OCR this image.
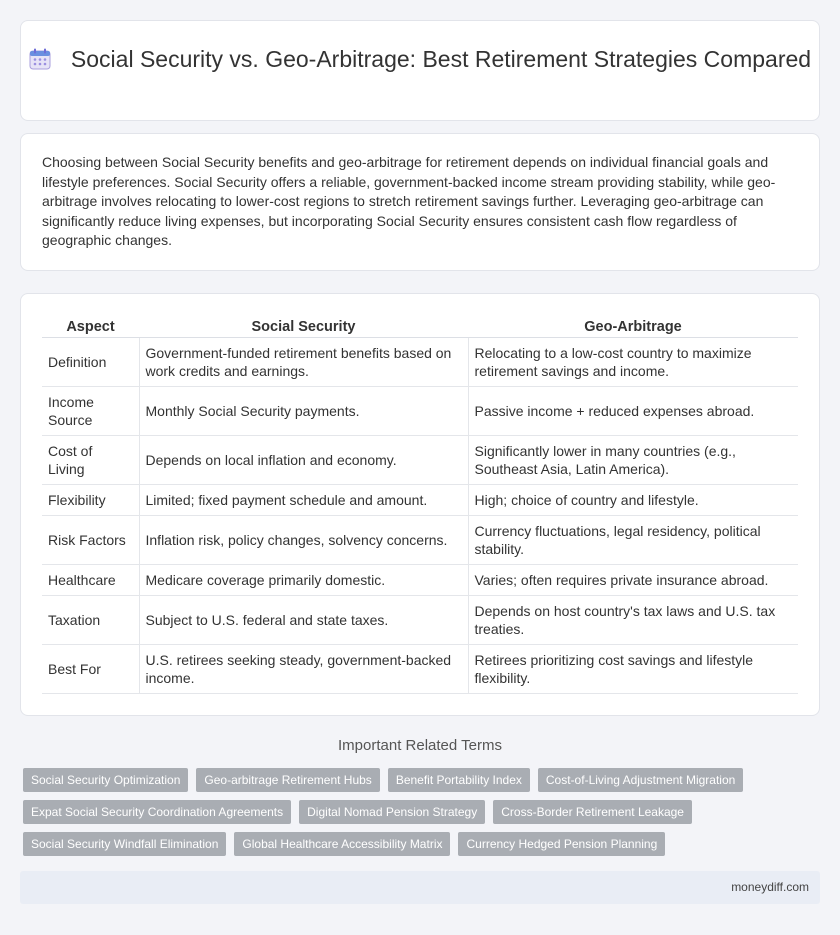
Social Security vs. Geo-Arbitrage: Best Retirement Strategies Compared

Choosing between Social Security benefits and geo-arbitrage for retirement depends on individual financial goals and lifestyle preferences. Social Security offers a reliable, government-backed income stream providing stability, while geo-arbitrage involves relocating to lower-cost regions to stretch retirement savings further. Leveraging geo-arbitrage can significantly reduce living expenses, but incorporating Social Security ensures consistent cash flow regardless of geographic changes.

Aspect	Social Security	Geo-Arbitrage
Definition	Government-funded retirement benefits based on work credits and earnings.	Relocating to a low-cost country to maximize retirement savings and income.
Income Source	Monthly Social Security payments.	Passive income + reduced expenses abroad.
Cost of Living	Depends on local inflation and economy.	Significantly lower in many countries (e.g., Southeast Asia, Latin America).
Flexibility	Limited; fixed payment schedule and amount.	High; choice of country and lifestyle.
Risk Factors	Inflation risk, policy changes, solvency concerns.	Currency fluctuations, legal residency, political stability.
Healthcare	Medicare coverage primarily domestic.	Varies; often requires private insurance abroad.
Taxation	Subject to U.S. federal and state taxes.	Depends on host country's tax laws and U.S. tax treaties.
Best For	U.S. retirees seeking steady, government-backed income.	Retirees prioritizing cost savings and lifestyle flexibility.
Important Related Terms
Social Security Optimization	Geo-arbitrage Retirement Hubs	Benefit Portability Index	Cost-of-Living Adjustment Migration
Expat Social Security Coordination Agreements	Digital Nomad Pension Strategy	Cross-Border Retirement Leakage
Social Security Windfall Elimination	Global Healthcare Accessibility Matrix	Currency Hedged Pension Planning
moneydiff.com
